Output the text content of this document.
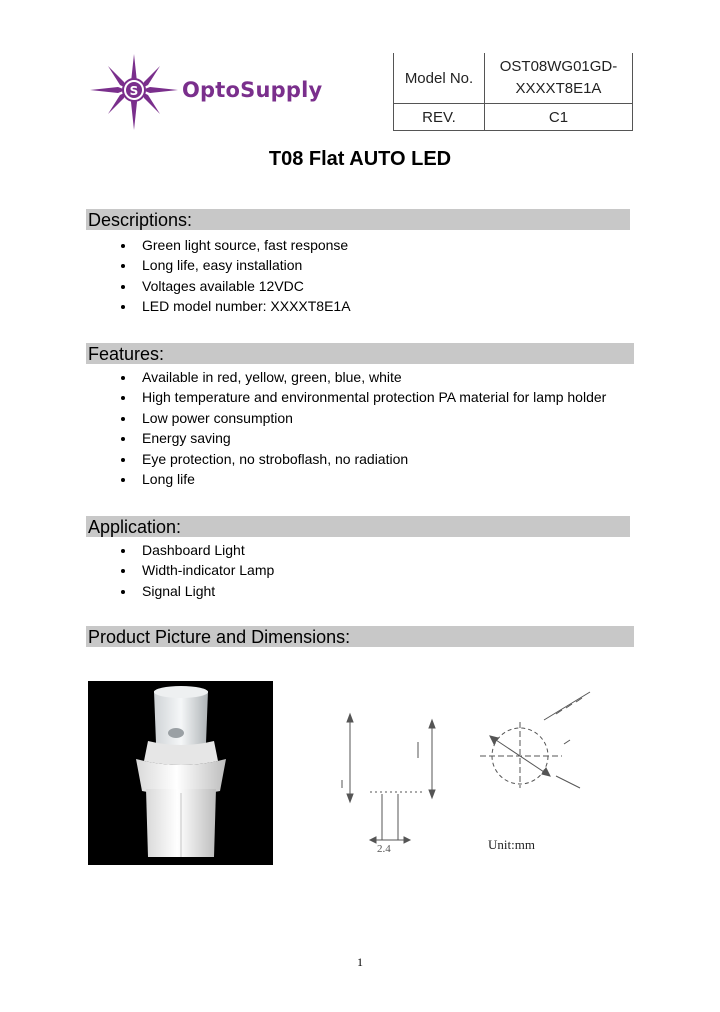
S OptoSupply	Model No.	OST08WG01GD-
XXXXT8E1A

REV.	C1
T08 Flat AUTO LED
Descriptions:
Green light source, fast response
Long life, easy installation
Voltages available 12VDC
LED model number: XXXXT8E1A
Features:
Available in red, yellow, green, blue, white
High temperature and environmental protection PA material for lamp holder
Low power consumption
Energy saving
Eye protection, no stroboflash, no radiation
Long life
Application:
Dashboard Light
Width-indicator Lamp
Signal Light
Product Picture and Dimensions:
2.4	Unit:mm
1
